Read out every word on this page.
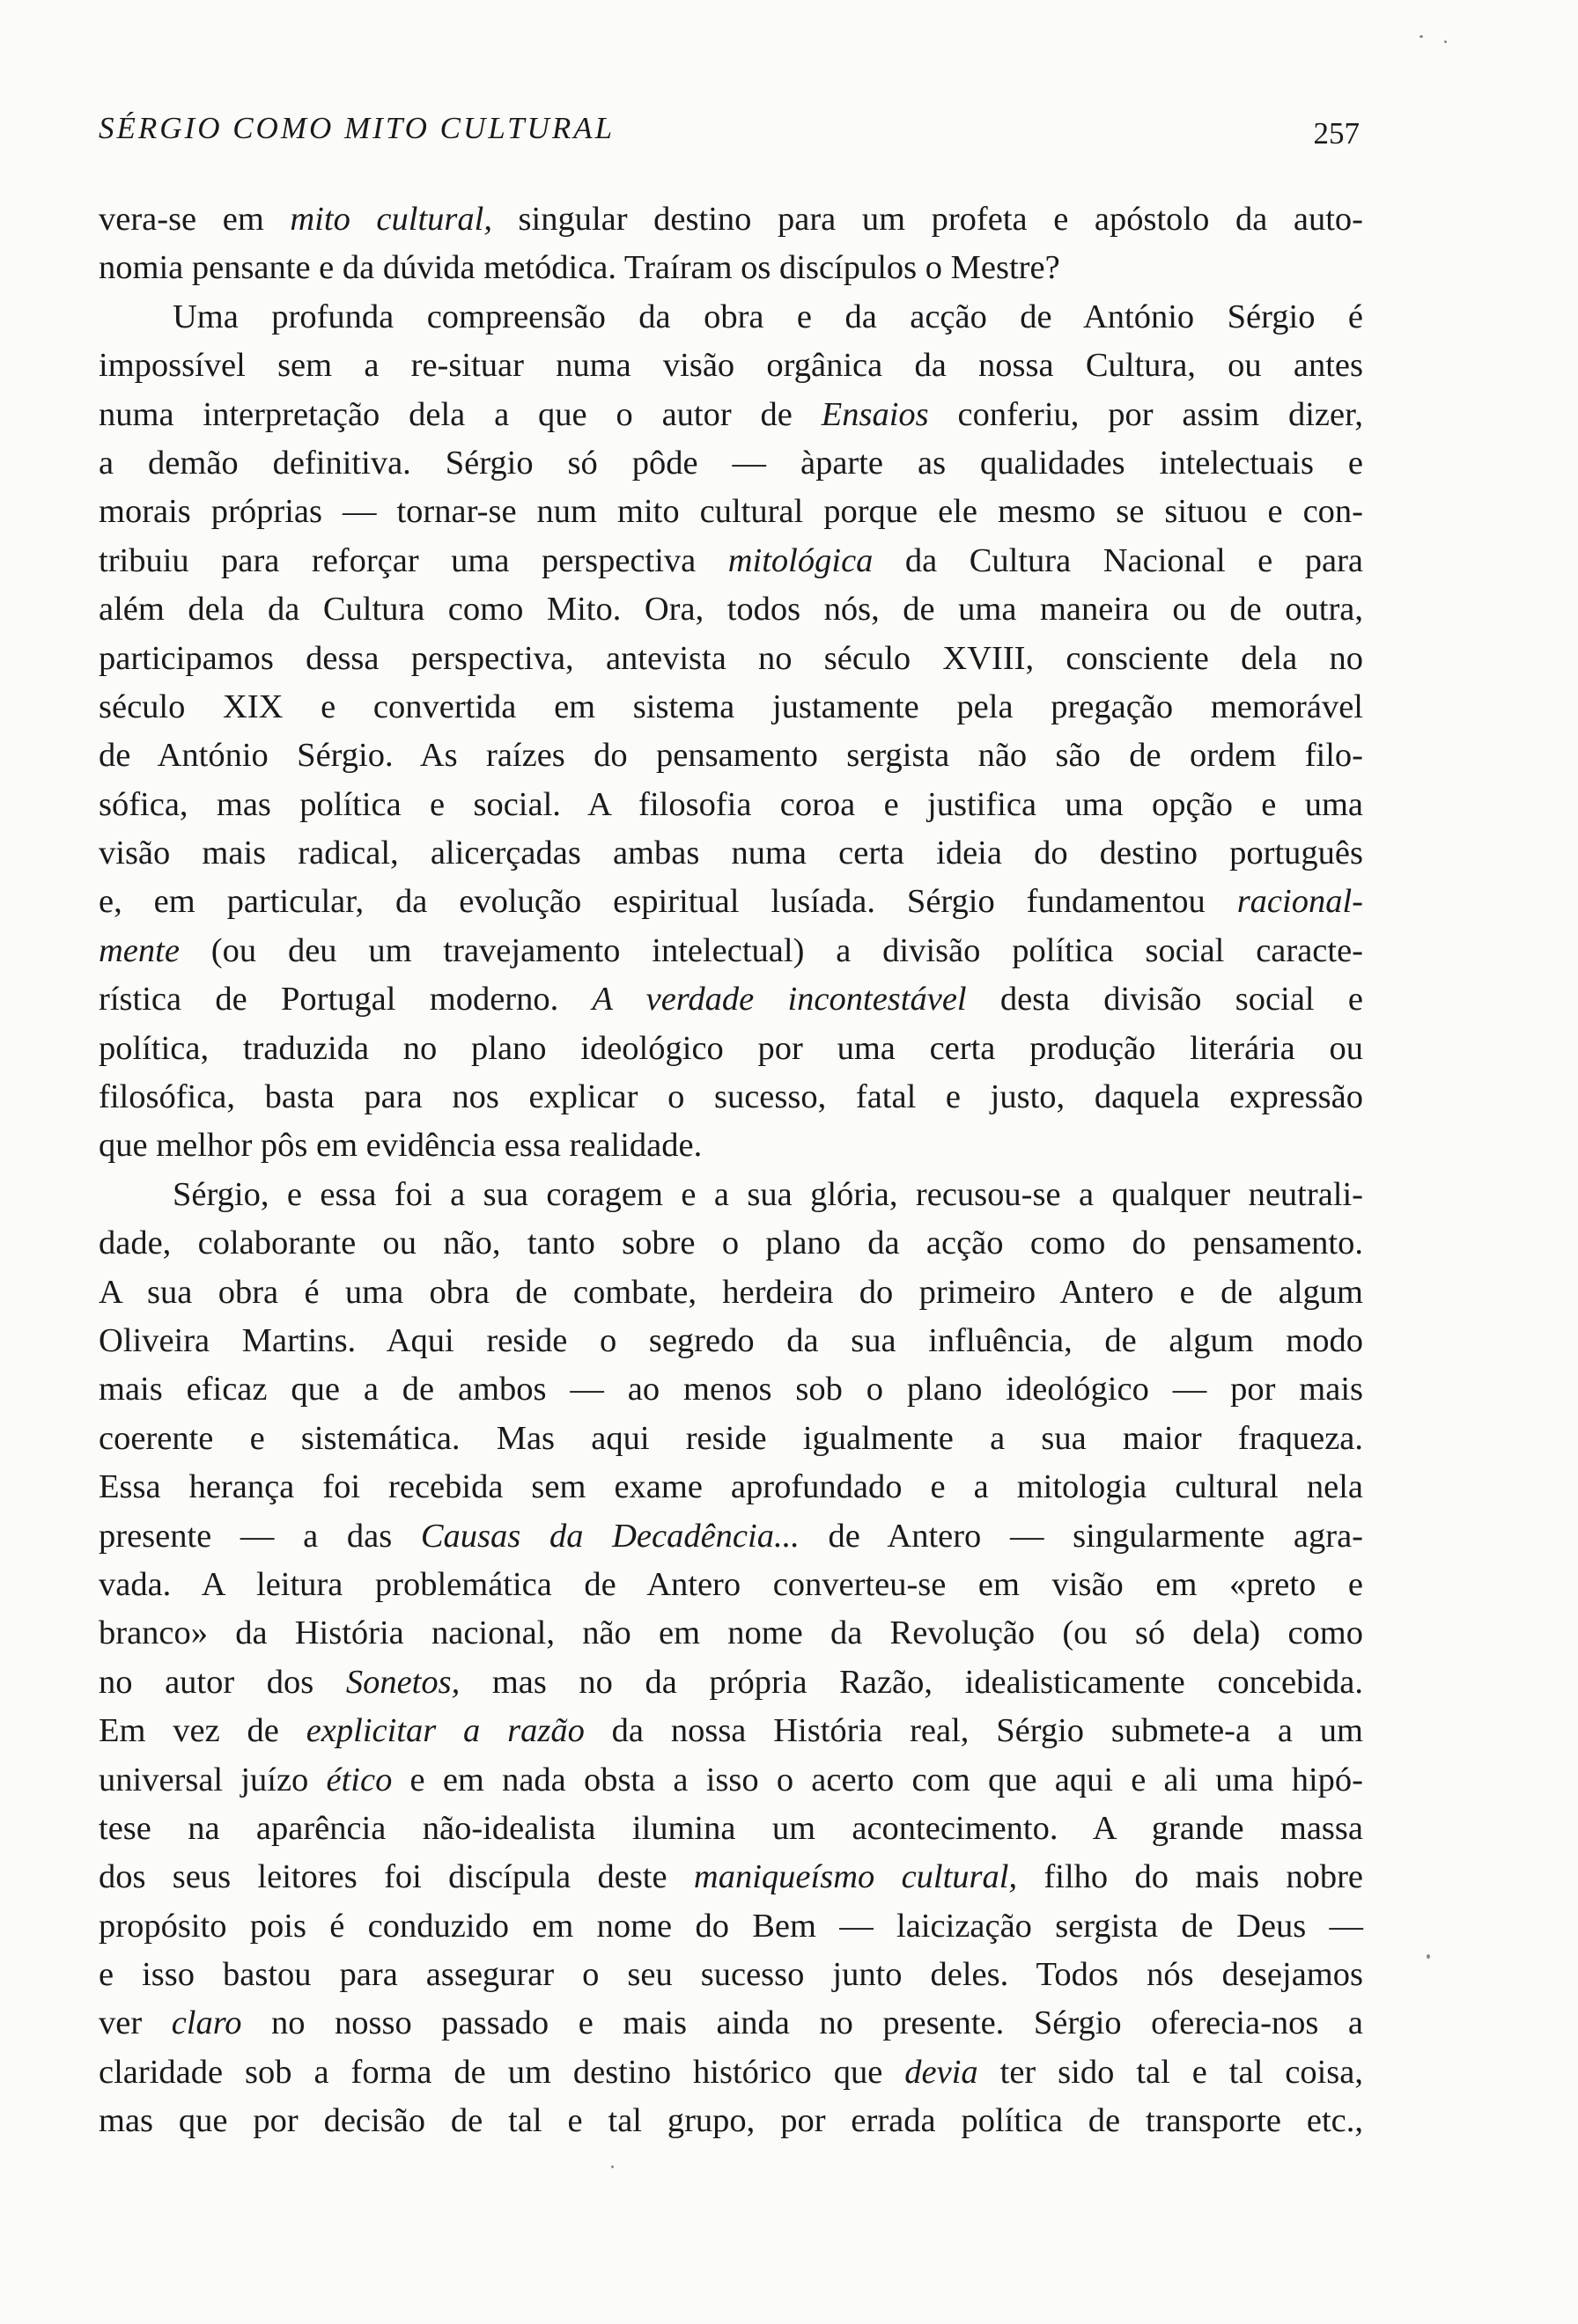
SÉRGIO COMO MITO CULTURAL	257
vera-se em mito cultural, singular destino para um profeta e apóstolo da auto-
nomia pensante e da dúvida metódica. Traíram os discípulos o Mestre?
Uma profunda compreensão da obra e da acção de António Sérgio é
impossível sem a re-situar numa visão orgânica da nossa Cultura, ou antes
numa interpretação dela a que o autor de Ensaios conferiu, por assim dizer,
a demão definitiva. Sérgio só pôde — àparte as qualidades intelectuais e
morais próprias — tornar-se num mito cultural porque ele mesmo se situou e con-
tribuiu para reforçar uma perspectiva mitológica da Cultura Nacional e para
além dela da Cultura como Mito. Ora, todos nós, de uma maneira ou de outra,
participamos dessa perspectiva, antevista no século XVIII, consciente dela no
século XIX e convertida em sistema justamente pela pregação memorável
de António Sérgio. As raízes do pensamento sergista não são de ordem filo-
sófica, mas política e social. A filosofia coroa e justifica uma opção e uma
visão mais radical, alicerçadas ambas numa certa ideia do destino português
e, em particular, da evolução espiritual lusíada. Sérgio fundamentou racional-
mente (ou deu um travejamento intelectual) a divisão política social caracte-
rística de Portugal moderno. A verdade incontestável desta divisão social e
política, traduzida no plano ideológico por uma certa produção literária ou
filosófica, basta para nos explicar o sucesso, fatal e justo, daquela expressão
que melhor pôs em evidência essa realidade.
Sérgio, e essa foi a sua coragem e a sua glória, recusou-se a qualquer neutrali-
dade, colaborante ou não, tanto sobre o plano da acção como do pensamento.
A sua obra é uma obra de combate, herdeira do primeiro Antero e de algum
Oliveira Martins. Aqui reside o segredo da sua influência, de algum modo
mais eficaz que a de ambos — ao menos sob o plano ideológico — por mais
coerente e sistemática. Mas aqui reside igualmente a sua maior fraqueza.
Essa herança foi recebida sem exame aprofundado e a mitologia cultural nela
presente — a das Causas da Decadência... de Antero — singularmente agra-
vada. A leitura problemática de Antero converteu-se em visão em «preto e
branco» da História nacional, não em nome da Revolução (ou só dela) como
no autor dos Sonetos, mas no da própria Razão, idealisticamente concebida.
Em vez de explicitar a razão da nossa História real, Sérgio submete-a a um
universal juízo ético e em nada obsta a isso o acerto com que aqui e ali uma hipó-
tese na aparência não-idealista ilumina um acontecimento. A grande massa
dos seus leitores foi discípula deste maniqueísmo cultural, filho do mais nobre
propósito pois é conduzido em nome do Bem — laicização sergista de Deus —
e isso bastou para assegurar o seu sucesso junto deles. Todos nós desejamos
ver claro no nosso passado e mais ainda no presente. Sérgio oferecia-nos a
claridade sob a forma de um destino histórico que devia ter sido tal e tal coisa,
mas que por decisão de tal e tal grupo, por errada política de transporte etc.,
